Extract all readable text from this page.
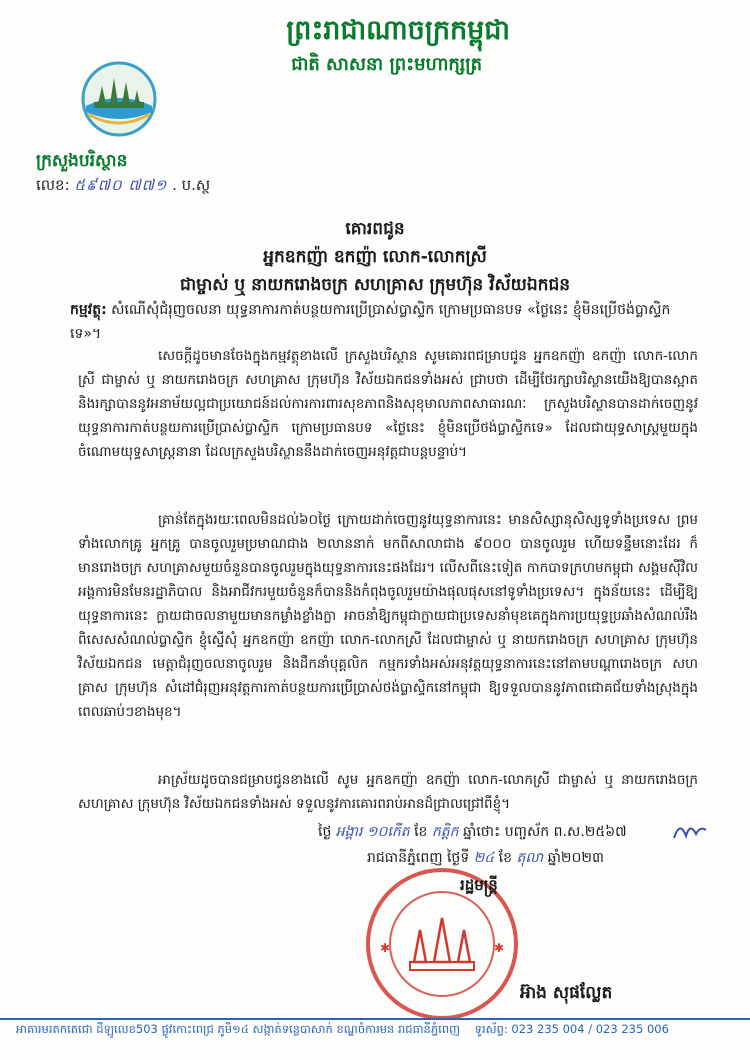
ព្រះរាជាណាចក្រកម្ពុជា
ជាតិ សាសនា ព្រះមហាក្សត្រ
ក្រសួងបរិស្ថាន
លេខ: ៥៩៧០ ៧៧១ . ប.ស្ថ
គោរពជូន
អ្នកឧកញ៉ា ឧកញ៉ា លោក-លោកស្រី
ជាម្ចាស់ ឬ នាយករោងចក្រ សហគ្រាស ក្រុមហ៊ុន វិស័យឯកជន
កម្មវត្ថុ: សំណើសុំជំរុញចលនា យុទ្ធនាការកាត់បន្ថយការប្រើប្រាស់ប្លាស្ទិក ក្រោមប្រធានបទ «ថ្ងៃនេះ ខ្ញុំមិនប្រើថង់ប្លាស្ទិកទេ»។
សេចក្ដីដូចមានចែងក្នុងកម្មវត្ថុខាងលើ ក្រសួងបរិស្ថាន សូមគោរពជម្រាបជូន អ្នកឧកញ៉ា ឧកញ៉ា លោក-លោកស្រី ជាម្ចាស់ ឬ នាយករោងចក្រ សហគ្រាស ក្រុមហ៊ុន វិស័យឯកជនទាំងអស់ ជ្រាបថា ដើម្បីថែរក្សាបរិស្ថានយើងឱ្យបានស្អាត និងរក្សាបាននូវអនាម័យល្អជាប្រយោជន៍ដល់ការការពារសុខភាពនិងសុខុមាលភាពសាធារណៈ ក្រសួងបរិស្ថានបានដាក់ចេញនូវ យុទ្ធនាការកាត់បន្ថយការប្រើប្រាស់ប្លាស្ទិក ក្រោមប្រធានបទ «ថ្ងៃនេះ ខ្ញុំមិនប្រើថង់ប្លាស្ទិកទេ» ដែលជាយុទ្ធសាស្ត្រមួយក្នុងចំណោមយុទ្ធសាស្ត្រនានា ដែលក្រសួងបរិស្ថាននឹងដាក់ចេញអនុវត្តជាបន្តបន្ទាប់។
គ្រាន់តែក្នុងរយៈពេលមិនដល់៦០ថ្ងៃ ក្រោយដាក់ចេញនូវយុទ្ធនាការនេះ មានសិស្សានុសិស្សទូទាំងប្រទេស ព្រមទាំងលោកគ្រូ អ្នកគ្រូ បានចូលរួមប្រមាណជាង ២លាននាក់ មកពីសាលាជាង ៩០០០ បានចូលរួម ហើយទន្ទឹមនោះដែរ ក៏មានរោងចក្រ សហគ្រាសមួយចំនួនបានចូលរួមក្នុងយុទ្ធនាការនេះផងដែរ។ លើសពីនេះទៀត កាកបាទក្រហមកម្ពុជា សង្គមស៊ីវិល អង្គការមិនមែនរដ្ឋាភិបាល និងអាជីវករមួយចំនួនក៏បាននិងកំពុងចូលរួមយ៉ាងផុលផុសនៅទូទាំងប្រទេស។ ក្នុងន័យនេះ ដើម្បីឱ្យយុទ្ធនាការនេះ ក្លាយជាចលនាមួយមានកម្លាំងខ្លាំងក្លា អាចនាំឱ្យកម្ពុជាក្លាយជាប្រទេសនាំមុខគេក្នុងការប្រយុទ្ធប្រឆាំងសំណល់រឹង ពិសេសសំណល់ប្លាស្ទិក ខ្ញុំស្នើសុំ អ្នកឧកញ៉ា ឧកញ៉ា លោក-លោកស្រី ដែលជាម្ចាស់ ឬ នាយករោងចក្រ សហគ្រាស ក្រុមហ៊ុន វិស័យឯកជន មេត្តាជំរុញចលនាចូលរួម និងដឹកនាំបុគ្គលិក កម្មករទាំងអស់អនុវត្តយុទ្ធនាការនេះនៅតាមបណ្ដារោងចក្រ សហគ្រាស ក្រុមហ៊ុន សំដៅជំរុញអនុវត្តការកាត់បន្ថយការប្រើប្រាស់ថង់ប្លាស្ទិកនៅកម្ពុជា ឱ្យទទួលបាននូវភាពជោគជ័យទាំងស្រុងក្នុងពេលឆាប់ៗខាងមុខ។
អាស្រ័យដូចបានជម្រាបជូនខាងលើ សូម អ្នកឧកញ៉ា ឧកញ៉ា លោក-លោកស្រី ជាម្ចាស់ ឬ នាយករោងចក្រ សហគ្រាស ក្រុមហ៊ុន វិស័យឯកជនទាំងអស់ ទទួលនូវការគោរពរាប់អានដ៏ជ្រាលជ្រៅពីខ្ញុំ។
ថ្ងៃ អង្គារ ១០កើត ខែ កត្ដិក ឆ្នាំថោះ បញ្ចស័ក ព.ស.២៥៦៧
រាជធានីភ្នំពេញ ថ្ងៃទី ២៤ ខែ តុលា ឆ្នាំ២០២៣
✱	✱
រដ្ឋមន្ត្រី
អ៊ាង សុផល្លែត
អាគារមរតកតេជោ ដីឡូលេខ503 ផ្លូវកោះពេជ្រ ភូមិ១៤ សង្កាត់ទន្លេបាសាក់ ខណ្ឌចំការមន រាជធានីភ្នំពេញ ទូរស័ព្ទ: 023 235 004 / 023 235 006
